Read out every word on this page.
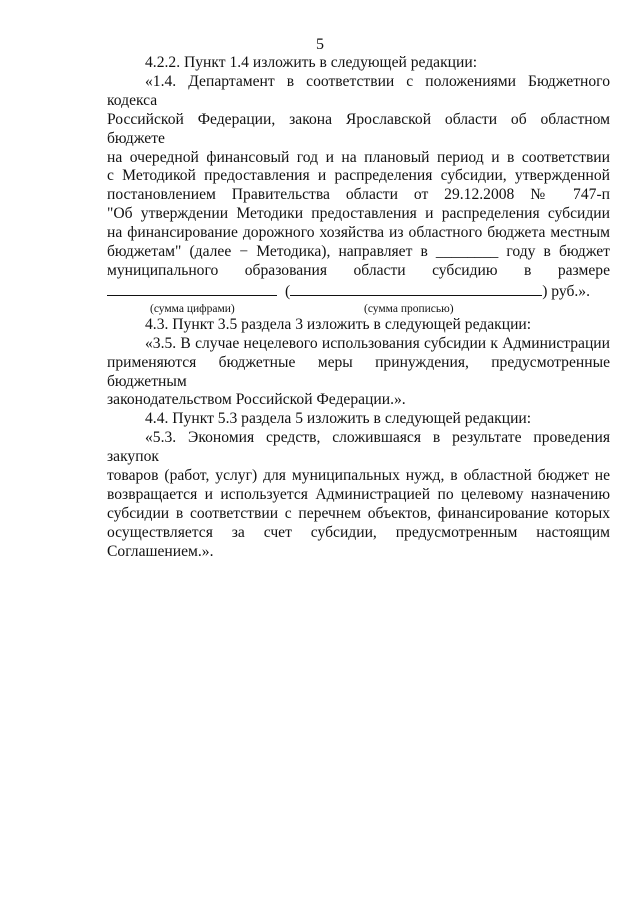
5
4.2.2. Пункт 1.4 изложить в следующей редакции:
«1.4. Департамент в соответствии с положениями Бюджетного кодекса
Российской Федерации, закона Ярославской области об областном бюджете
на очередной финансовый год и на плановый период и в соответствии
с Методикой предоставления и распределения субсидии, утвержденной
постановлением Правительства области от 29.12.2008 № 747-п
"Об утверждении Методики предоставления и распределения субсидии
на финансирование дорожного хозяйства из областного бюджета местным
бюджетам" (далее − Методика), направляет в ________ году в бюджет
муниципального образования области субсидию в размере
(	) руб.».
(сумма цифрами)	(сумма прописью)
4.3. Пункт 3.5 раздела 3 изложить в следующей редакции:
«3.5. В случае нецелевого использования субсидии к Администрации
применяются бюджетные меры принуждения, предусмотренные бюджетным
законодательством Российской Федерации.».
4.4. Пункт 5.3 раздела 5 изложить в следующей редакции:
«5.3. Экономия средств, сложившаяся в результате проведения закупок
товаров (работ, услуг) для муниципальных нужд, в областной бюджет не
возвращается и используется Администрацией по целевому назначению
субсидии в соответствии с перечнем объектов, финансирование которых
осуществляется за счет субсидии, предусмотренным настоящим
Соглашением.».
